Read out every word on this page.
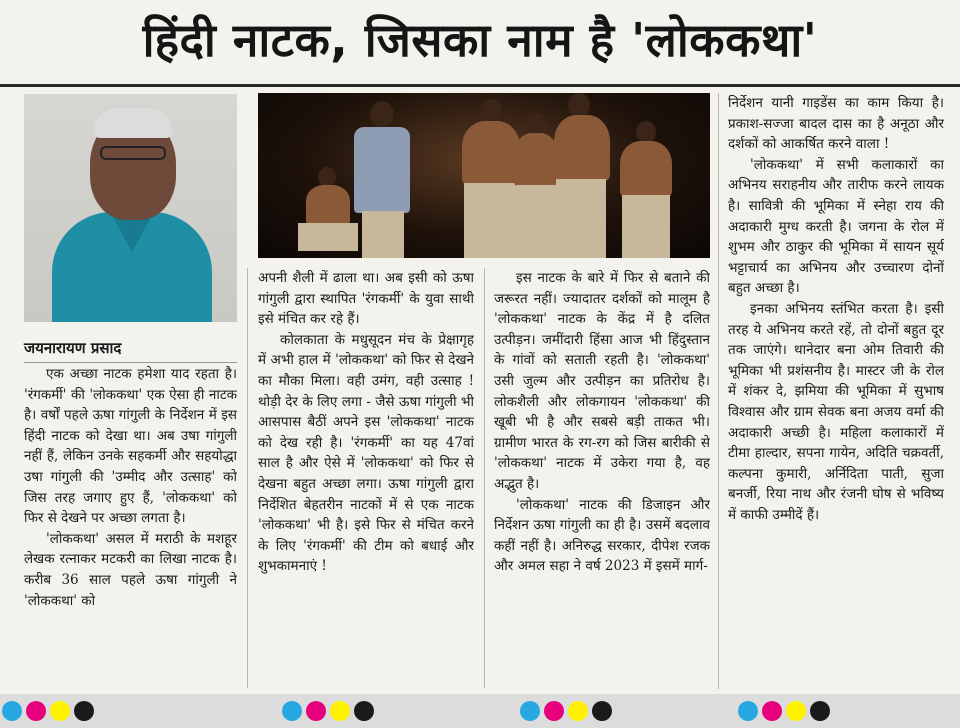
हिंदी नाटक, जिसका नाम है 'लोककथा'
जयनारायण प्रसाद

एक अच्छा नाटक हमेशा याद रहता है। 'रंगकर्मी' की 'लोककथा' एक ऐसा ही नाटक है। वर्षों पहले ऊषा गांगुली के निर्देशन में इस हिंदी नाटक को देखा था। अब उषा गांगुली नहीं हैं, लेकिन उनके सहकर्मी और सहयोद्धा उषा गांगुली की 'उम्मीद और उत्साह' को जिस तरह जगाए हुए हैं, 'लोककथा' को फिर से देखने पर अच्छा लगता है।

'लोककथा' असल में मराठी के मशहूर लेखक रत्नाकर मटकरी का लिखा नाटक है। करीब 36 साल पहले ऊषा गांगुली ने 'लोककथा' को

अपनी शैली में ढाला था। अब इसी को ऊषा गांगुली द्वारा स्थापित 'रंगकर्मी' के युवा साथी इसे मंचित कर रहे हैं।

कोलकाता के मधुसूदन मंच के प्रेक्षागृह में अभी हाल में 'लोककथा' को फिर से देखने का मौका मिला। वही उमंग, वही उत्साह ! थोड़ी देर के लिए लगा - जैसे ऊषा गांगुली भी आसपास बैठीं अपने इस 'लोककथा' नाटक को देख रही है। 'रंगकर्मी' का यह 47वां साल है और ऐसे में 'लोककथा' को फिर से देखना बहुत अच्छा लगा। ऊषा गांगुली द्वारा निर्देशित बेहतरीन नाटकों में से एक नाटक 'लोककथा' भी है। इसे फिर से मंचित करने के लिए 'रंगकर्मी' की टीम को बधाई और शुभकामनाएं !

इस नाटक के बारे में फिर से बताने की जरूरत नहीं। ज्यादातर दर्शकों को मालूम है 'लोककथा' नाटक के केंद्र में है दलित उत्पीड़न। जमींदारी हिंसा आज भी हिंदुस्तान के गांवों को सताती रहती है। 'लोककथा' उसी जुल्म और उत्पीड़न का प्रतिरोध है। लोकशैली और लोकगायन 'लोककथा' की खूबी भी है और सबसे बड़ी ताकत भी। ग्रामीण भारत के रग-रग को जिस बारीकी से 'लोककथा' नाटक में उकेरा गया है, वह अद्भुत है।

'लोककथा' नाटक की डिजाइन और निर्देशन ऊषा गांगुली का ही है। उसमें बदलाव कहीं नहीं है। अनिरुद्ध सरकार, दीपेश रजक और अमल सहा ने वर्ष 2023 में इसमें मार्ग-

निर्देशन यानी गाइडेंस का काम किया है। प्रकाश-सज्जा बादल दास का है अनूठा और दर्शकों को आकर्षित करने वाला !

'लोककथा' में सभी कलाकारों का अभिनय सराहनीय और तारीफ करने लायक है। सावित्री की भूमिका में स्नेहा राय की अदाकारी मुग्ध करती है। जगना के रोल में शुभम और ठाकुर की भूमिका में सायन सूर्य भट्टाचार्य का अभिनय और उच्चारण दोनों बहुत अच्छा है।

इनका अभिनय स्तंभित करता है। इसी तरह ये अभिनय करते रहें, तो दोनों बहुत दूर तक जाएंगे। थानेदार बना ओम तिवारी की भूमिका भी प्रशंसनीय है। मास्टर जी के रोल में शंकर दे, झमिया की भूमिका में सुभाष विश्वास और ग्राम सेवक बना अजय वर्मा की अदाकारी अच्छी है। महिला कलाकारों में टीमा हाल्दार, सपना गायेन, अदिति चक्रवर्ती, कल्पना कुमारी, अर्निदिता पाती, सुजा बनर्जी, रिया नाथ और रंजनी घोष से भविष्य में काफी उम्मीदें हैं।
